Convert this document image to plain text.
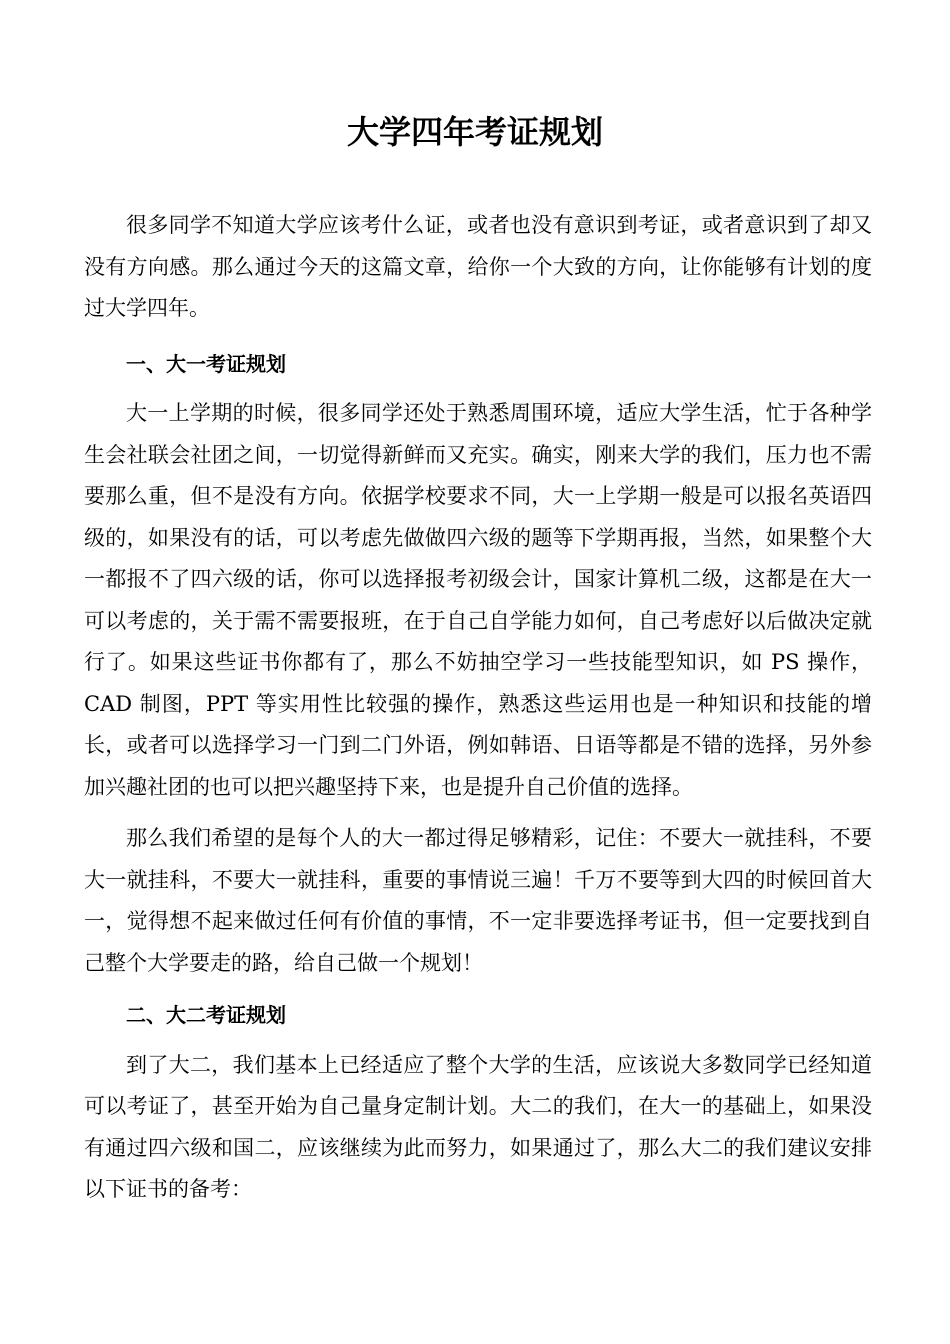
大学四年考证规划

很多同学不知道大学应该考什么证，或者也没有意识到考证，或者意识到了却又没有方向感。那么通过今天的这篇文章，给你一个大致的方向，让你能够有计划的度过大学四年。

一、大一考证规划

大一上学期的时候，很多同学还处于熟悉周围环境，适应大学生活，忙于各种学生会社联会社团之间，一切觉得新鲜而又充实。确实，刚来大学的我们，压力也不需要那么重，但不是没有方向。依据学校要求不同，大一上学期一般是可以报名英语四级的，如果没有的话，可以考虑先做做四六级的题等下学期再报，当然，如果整个大一都报不了四六级的话，你可以选择报考初级会计，国家计算机二级，这都是在大一可以考虑的，关于需不需要报班，在于自己自学能力如何，自己考虑好以后做决定就行了。如果这些证书你都有了，那么不妨抽空学习一些技能型知识，如 PS 操作，CAD 制图，PPT 等实用性比较强的操作，熟悉这些运用也是一种知识和技能的增长，或者可以选择学习一门到二门外语，例如韩语、日语等都是不错的选择，另外参加兴趣社团的也可以把兴趣坚持下来，也是提升自己价值的选择。

那么我们希望的是每个人的大一都过得足够精彩，记住：不要大一就挂科，不要大一就挂科，不要大一就挂科，重要的事情说三遍！千万不要等到大四的时候回首大一，觉得想不起来做过任何有价值的事情，不一定非要选择考证书，但一定要找到自己整个大学要走的路，给自己做一个规划！

二、大二考证规划

到了大二，我们基本上已经适应了整个大学的生活，应该说大多数同学已经知道可以考证了，甚至开始为自己量身定制计划。大二的我们，在大一的基础上，如果没有通过四六级和国二，应该继续为此而努力，如果通过了，那么大二的我们建议安排以下证书的备考：
